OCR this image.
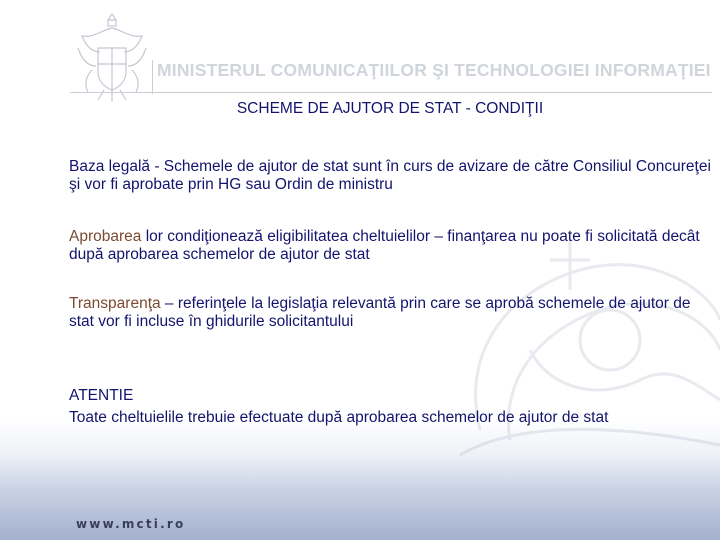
MINISTERUL COMUNICAŢIILOR ŞI TECHNOLOGIEI INFORMAŢIEI
SCHEME DE AJUTOR DE STAT - CONDIŢII
Baza legală - Schemele de ajutor de stat sunt în curs de avizare de către Consiliul Concureţei şi vor fi aprobate prin HG sau Ordin de ministru
Aprobarea lor condiţionează eligibilitatea cheltuielilor – finanţarea nu poate fi solicitată decât după aprobarea schemelor de ajutor de stat
Transparenţa – referinţele la legislaţia relevantă prin care se aprobă schemele de ajutor de stat vor fi incluse în ghidurile solicitantului
ATENTIE
Toate cheltuielile trebuie efectuate după aprobarea schemelor de ajutor de stat
www.mcti.ro
